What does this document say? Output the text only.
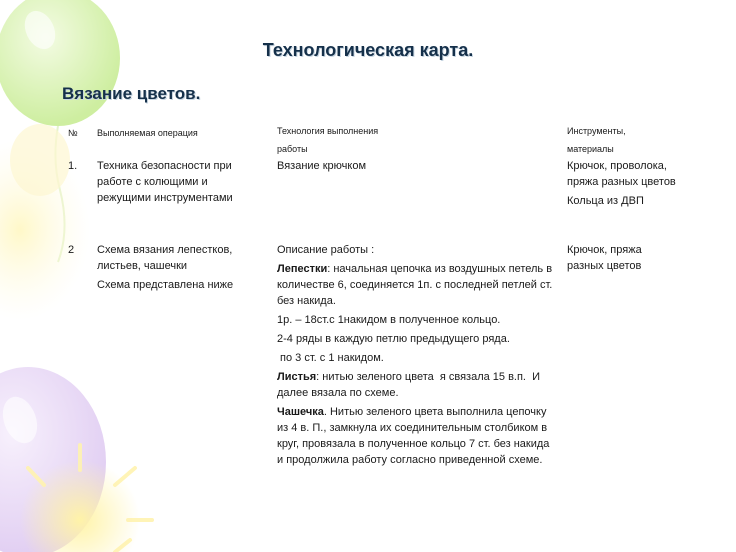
Технологическая карта.
Вязание цветов.
№ Выполняемая операция	Технология выполнения
работы
Инструменты,
материалы
1. Техника безопасности при работе с колющими и режущими инструментами
Вязание крючком	Крючок, проволока, пряжа разных цветов

Кольца из ДВП

2 Схема вязания лепестков, листьев, чашечки

Схема представлена ниже

Описание работы :

Лепестки: начальная цепочка из воздушных петель в количестве 6, соединяется 1п. с последней петлей ст. без накида.

1р. – 18ст.с 1накидом в полученное кольцо.

2-4 ряды в каждую петлю предыдущего ряда.

по 3 ст. с 1 накидом.

Листья: нитью зеленого цвета  я связала 15 в.п.  И далее вязала по схеме.

Чашечка. Нитью зеленого цвета выполнила цепочку из 4 в. П., замкнула их соединительным столбиком в круг, провязала в полученное кольцо 7 ст. без накида и продолжила работу согласно приведенной схеме.

Крючок, пряжа разных цветов
